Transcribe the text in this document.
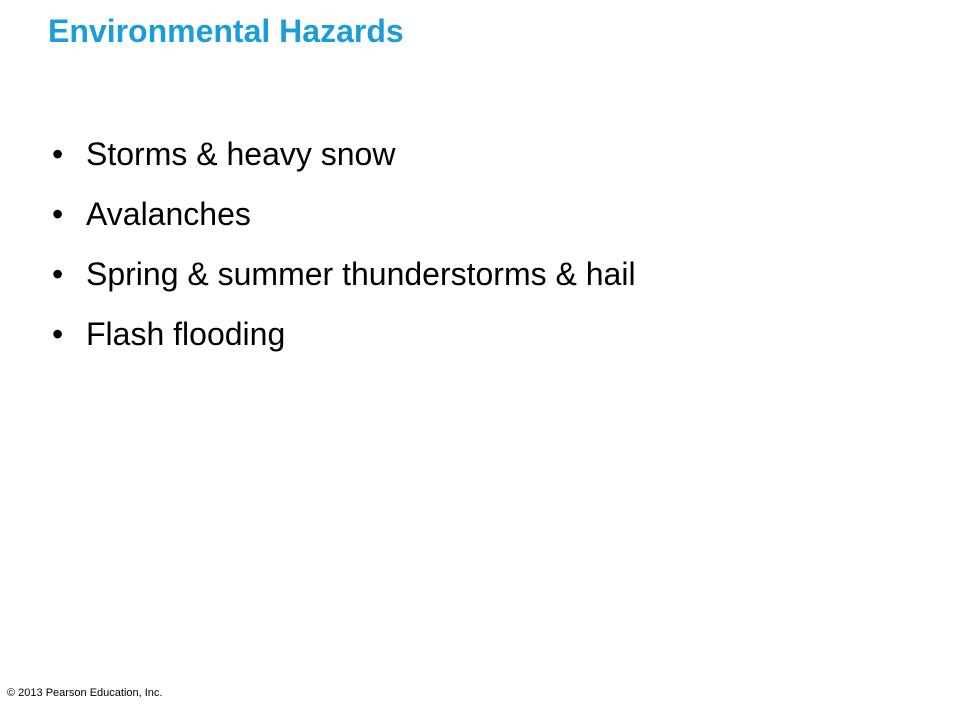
Environmental Hazards
• Storms & heavy snow
• Avalanches
• Spring & summer thunderstorms & hail
• Flash flooding

© 2013 Pearson Education, Inc.
